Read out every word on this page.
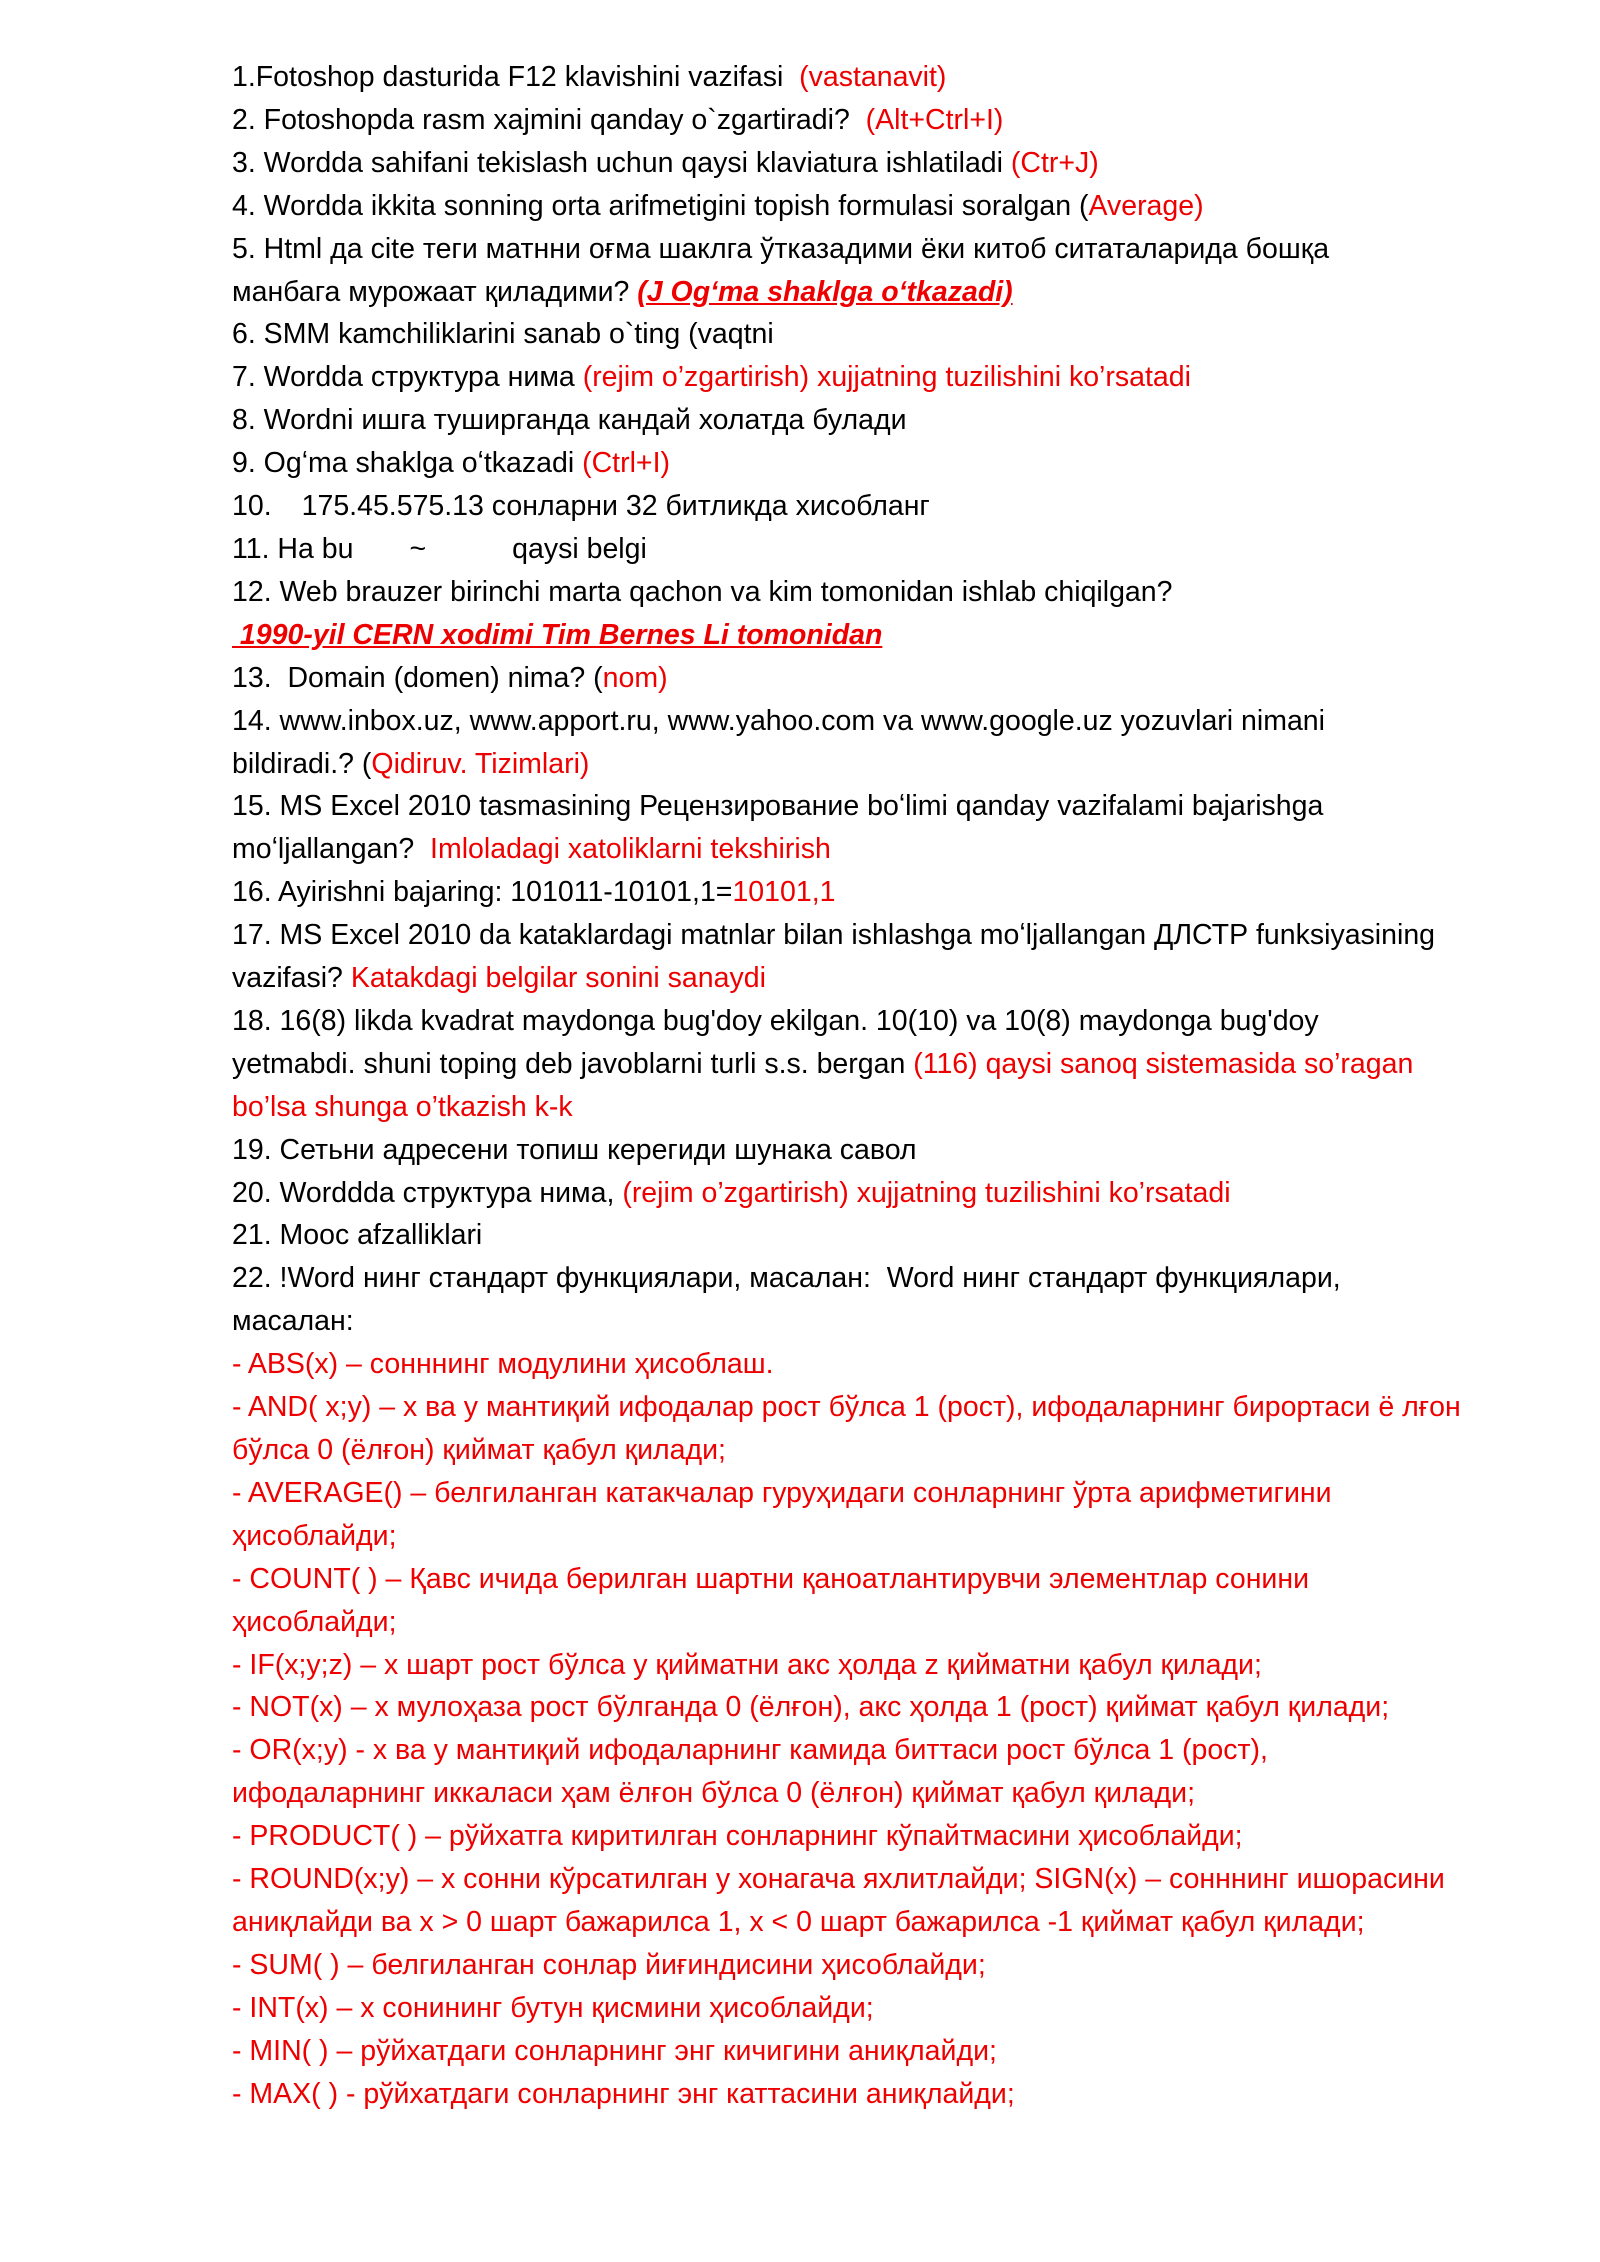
1.Fotoshop dasturida F12 klavishini vazifasi  (vastanavit)
2. Fotoshopda rasm xajmini qanday o`zgartiradi?  (Alt+Ctrl+I)
3. Wordda sahifani tekislash uchun qaysi klaviatura ishlatiladi (Ctr+J)
4. Wordda ikkita sonning orta arifmetigini topish formulasi soralgan (Average)
5. Html да cite теги матнни оғма шаклга ўтказадими ёки китоб ситаталарида бошқа
манбага мурожаат қиладими? (J Ogʻma shaklga oʻtkazadi)
6. SMM kamchiliklarini sanab o`ting (vaqtni
7. Wordda структура нима (rejim o’zgartirish) xujjatning tuzilishini ko’rsatadi
8. Wordni ишга туширганда кандай холатда булади
9. Ogʻma shaklga oʻtkazadi (Ctrl+I)
10. 175.45.575.13 сонларни 32 битликда хисобланг
11. Ha bu ~	qaysi belgi
12. Web brauzer birinchi marta qachon va kim tomonidan ishlab chiqilgan?
1990-yil CERN xodimi Tim Bernes Li tomonidan
13.  Domain (domen) nima? (nom)
14. www.inbox.uz, www.apport.ru, www.yahoo.com va www.google.uz yozuvlari nimani
bildiradi.? (Qidiruv. Tizimlari)
15. MS Excel 2010 tasmasining Рецензирование boʻlimi qanday vazifalami bajarishga
moʻljallangan?  Imloladagi xatoliklarni tekshirish
16. Ayirishni bajaring: 101011-10101,1=10101,1
17. MS Excel 2010 da kataklardagi matnlar bilan ishlashga moʻljallangan ДЛСТР funksiyasining
vazifasi? Katakdagi belgilar sonini sanaydi
18. 16(8) likda kvadrat maydonga bug'doy ekilgan. 10(10) va 10(8) maydonga bug'doy
yetmabdi. shuni toping deb javoblarni turli s.s. bergan (116) qaysi sanoq sistemasida so’ragan
bo’lsa shunga o’tkazish k-k
19. Сетьни адресени топиш керегиди шунака савол
20. Worddda структура нима, (rejim o’zgartirish) xujjatning tuzilishini ko’rsatadi
21. Mooc afzalliklari
22. !Word нинг стандарт функциялари, масалан:  Word нинг стандарт функциялари,
масалан:
- ABS(x) – сонннинг модулини ҳисоблаш.
- AND( x;y) – x ва y мантиқий ифодалар рост бўлса 1 (рост), ифодаларнинг бирортаси ё лғон
бўлса 0 (ёлғон) қиймат қабул қилади;
- AVERAGE() – белгиланган катакчалар гуруҳидаги сонларнинг ўрта арифметигини
ҳисоблайди;
- COUNT( ) – Қавс ичида берилган шартни қаноатлантирувчи элементлар сонини
ҳисоблайди;
- IF(x;y;z) – x шарт рост бўлса y қийматни акс ҳолда z қийматни қабул қилади;
- NOT(x) – x мулоҳаза рост бўлганда 0 (ёлғон), акс ҳолда 1 (рост) қиймат қабул қилади;
- OR(x;y) - x ва y мантиқий ифодаларнинг камида биттаси рост бўлса 1 (рост),
ифодаларнинг иккаласи ҳам ёлғон бўлса 0 (ёлғон) қиймат қабул қилади;
- PRODUCT( ) – рўйхатга киритилган сонларнинг кўпайтмасини ҳисоблайди;
- ROUND(x;y) – x сонни кўрсатилган y хонагача яхлитлайди; SIGN(x) – сонннинг ишорасини
аниқлайди ва x > 0 шарт бажарилса 1, x < 0 шарт бажарилса -1 қиймат қабул қилади;
- SUM( ) – белгиланган сонлар йиғиндисини ҳисоблайди;
- INT(x) – x сонининг бутун қисмини ҳисоблайди;
- MIN( ) – рўйхатдаги сонларнинг энг кичигини аниқлайди;
- MAX( ) - рўйхатдаги сонларнинг энг каттасини аниқлайди;
